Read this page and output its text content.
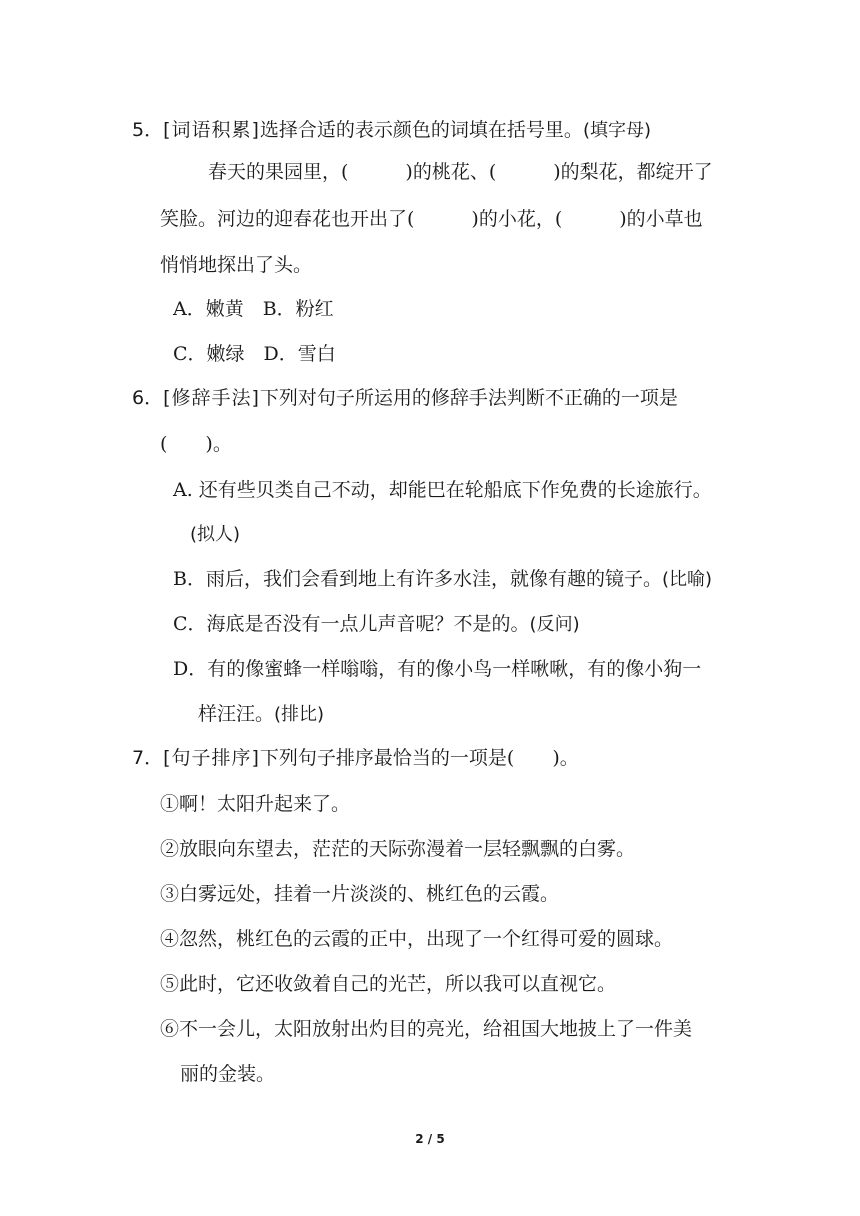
5．[词语积累]选择合适的表示颜色的词填在括号里。(填字母)
春天的果园里，(　　　)的桃花、(　　　)的梨花，都绽开了
笑脸。河边的迎春花也开出了(　　　)的小花，(　　　)的小草也
悄悄地探出了头。
A．嫩黄　B．粉红
C．嫩绿　D．雪白
6．[修辞手法]下列对句子所运用的修辞手法判断不正确的一项是
(　　)。
A. 还有些贝类自己不动，却能巴在轮船底下作免费的长途旅行。
(拟人)
B．雨后，我们会看到地上有许多水洼，就像有趣的镜子。(比喻)
C．海底是否没有一点儿声音呢？不是的。(反问)
D．有的像蜜蜂一样嗡嗡，有的像小鸟一样啾啾，有的像小狗一
样汪汪。(排比)
7．[句子排序]下列句子排序最恰当的一项是(　　)。
①啊！太阳升起来了。
②放眼向东望去，茫茫的天际弥漫着一层轻飘飘的白雾。
③白雾远处，挂着一片淡淡的、桃红色的云霞。
④忽然，桃红色的云霞的正中，出现了一个红得可爱的圆球。
⑤此时，它还收敛着自己的光芒，所以我可以直视它。
⑥不一会儿，太阳放射出灼目的亮光，给祖国大地披上了一件美
丽的金装。
2 / 5
